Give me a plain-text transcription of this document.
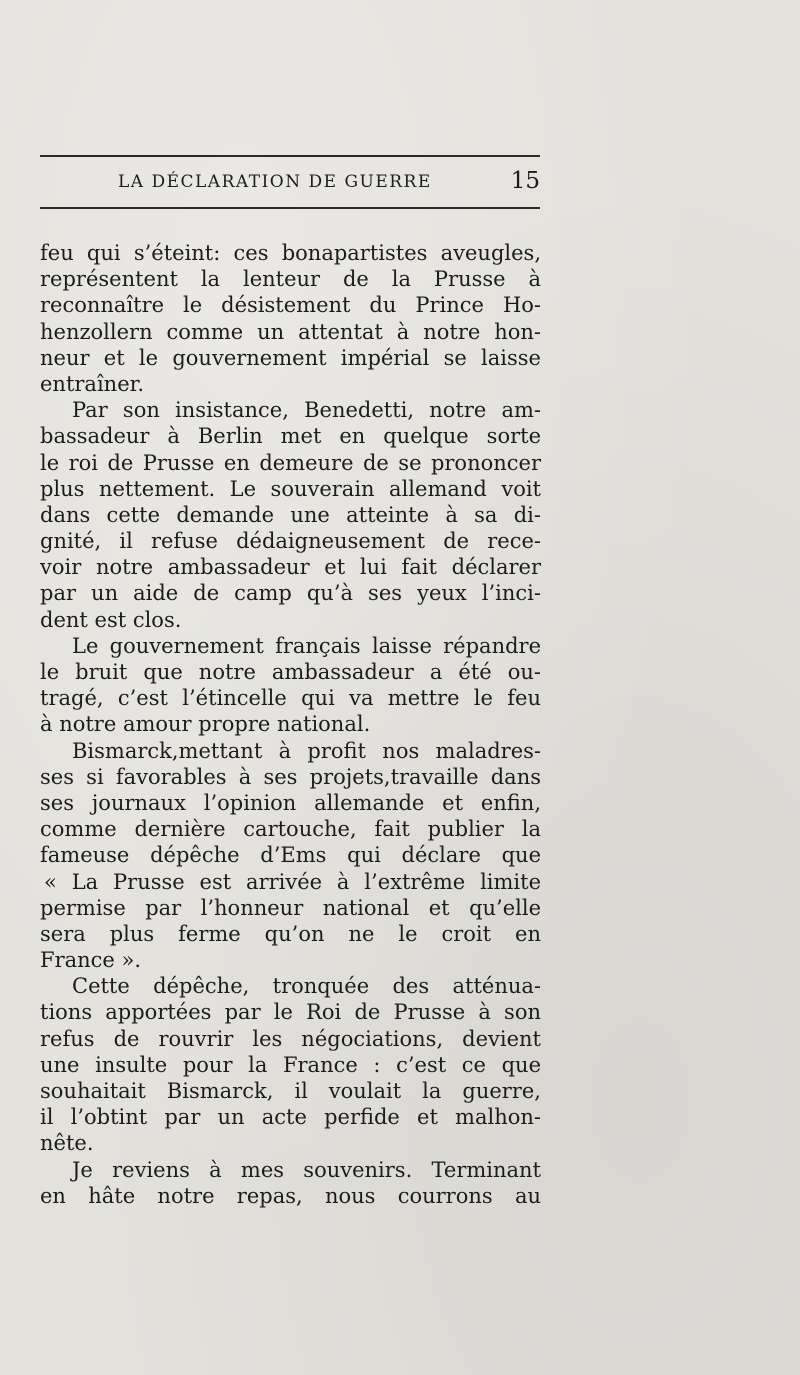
LA DÉCLARATION DE GUERRE	15
feu qui s’éteint: ces bonapartistes aveugles,
représentent la lenteur de la Prusse à
reconnaître le désistement du Prince Ho-
henzollern comme un attentat à notre hon-
neur et le gouvernement impérial se laisse
entraîner.
Par son insistance, Benedetti, notre am-
bassadeur à Berlin met en quelque sorte
le roi de Prusse en demeure de se prononcer
plus nettement. Le souverain allemand voit
dans cette demande une atteinte à sa di-
gnité, il refuse dédaigneusement de rece-
voir notre ambassadeur et lui fait déclarer
par un aide de camp qu’à ses yeux l’inci-
dent est clos.
Le gouvernement français laisse répandre
le bruit que notre ambassadeur a été ou-
tragé, c’est l’étincelle qui va mettre le feu
à notre amour propre national.
Bismarck,mettant à profit nos maladres-
ses si favorables à ses projets,travaille dans
ses journaux l’opinion allemande et enfin,
comme dernière cartouche, fait publier la
fameuse dépêche d’Ems qui déclare que
« La Prusse est arrivée à l’extrême limite
permise par l’honneur national et qu’elle
sera plus ferme qu’on ne le croit en
France ».
Cette dépêche, tronquée des atténua-
tions apportées par le Roi de Prusse à son
refus de rouvrir les négociations, devient
une insulte pour la France : c’est ce que
souhaitait Bismarck, il voulait la guerre,
il l’obtint par un acte perfide et malhon-
nête.
Je reviens à mes souvenirs. Terminant
en hâte notre repas, nous courrons au
